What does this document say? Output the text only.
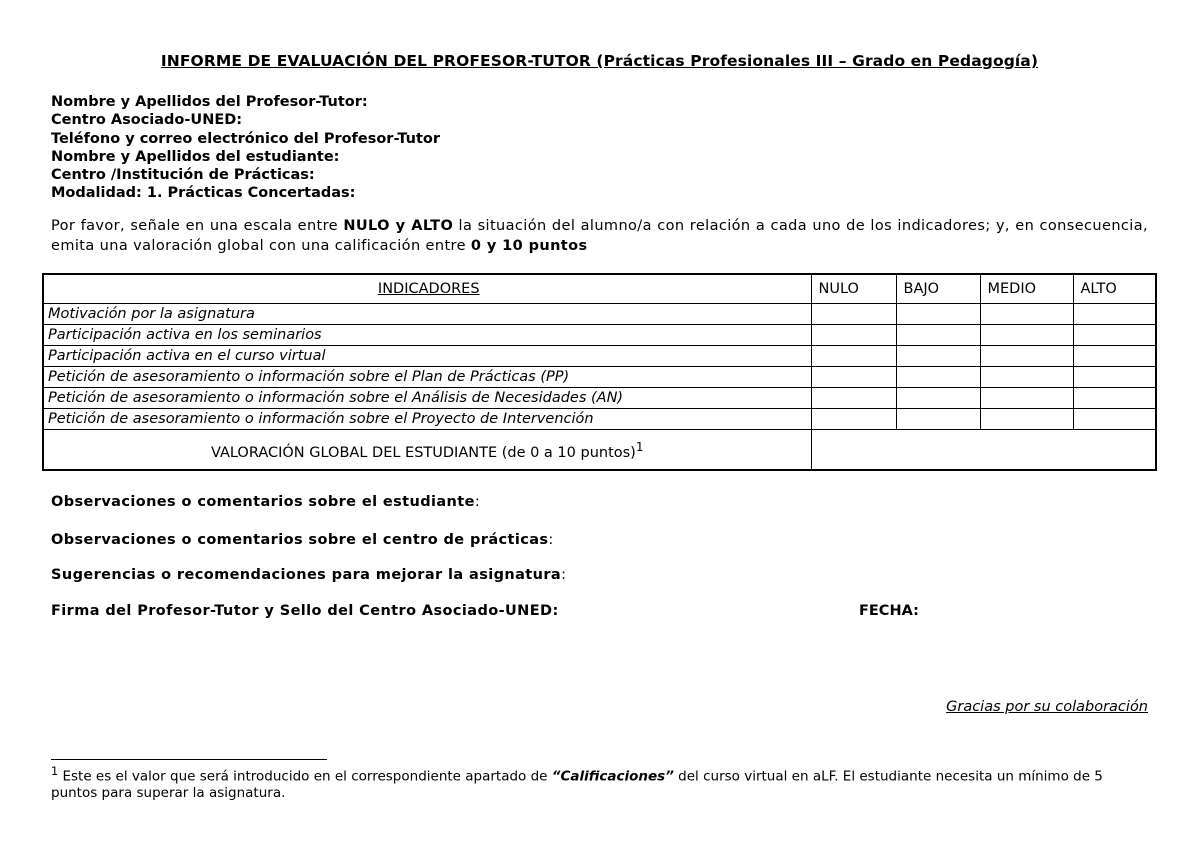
INFORME DE EVALUACIÓN DEL PROFESOR-TUTOR (Prácticas Profesionales III – Grado en Pedagogía)

Nombre y Apellidos del Profesor-Tutor:

Centro Asociado-UNED:

Teléfono y correo electrónico del Profesor-Tutor

Nombre y Apellidos del estudiante:

Centro /Institución de Prácticas:

Modalidad: 1. Prácticas Concertadas:

Por favor, señale en una escala entre NULO y ALTO la situación del alumno/a con relación a cada uno de los indicadores; y, en consecuencia, emita una valoración global con una calificación entre 0 y 10 puntos

INDICADORES	NULO	BAJO	MEDIO	ALTO
Motivación por la asignatura				
Participación activa en los seminarios				
Participación activa en el curso virtual				
Petición de asesoramiento o información sobre el Plan de Prácticas (PP)				
Petición de asesoramiento o información sobre el Análisis de Necesidades (AN)				
Petición de asesoramiento o información sobre el Proyecto de Intervención				
VALORACIÓN GLOBAL DEL ESTUDIANTE (de 0 a 10 puntos)$^1$	
Observaciones o comentarios sobre el estudiante:
Observaciones o comentarios sobre el centro de prácticas:
Sugerencias o recomendaciones para mejorar la asignatura:
Firma del Profesor-Tutor y Sello del Centro Asociado-UNED:	FECHA:
Gracias por su colaboración
$^1$ Este es el valor que será introducido en el correspondiente apartado de “Calificaciones” del curso virtual en aLF. El estudiante necesita un mínimo de 5 puntos para superar la asignatura.
